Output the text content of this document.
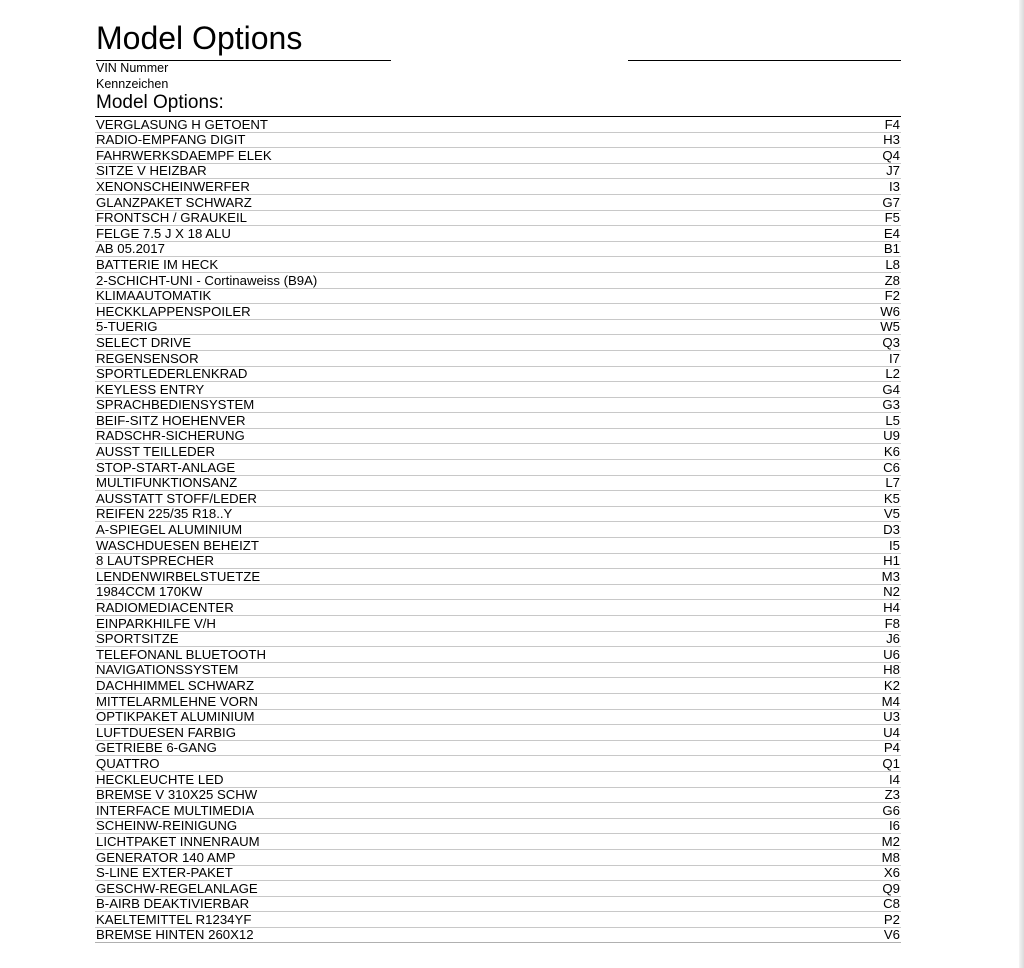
Model Options
VIN Nummer
Kennzeichen
Model Options:
VERGLASUNG H GETOENT	F4
RADIO-EMPFANG DIGIT	H3
FAHRWERKSDAEMPF ELEK	Q4
SITZE V HEIZBAR	J7
XENONSCHEINWERFER	I3
GLANZPAKET SCHWARZ	G7
FRONTSCH / GRAUKEIL	F5
FELGE 7.5 J X 18 ALU	E4
AB 05.2017	B1
BATTERIE IM HECK	L8
2-SCHICHT-UNI - Cortinaweiss (B9A)	Z8
KLIMAAUTOMATIK	F2
HECKKLAPPENSPOILER	W6
5-TUERIG	W5
SELECT DRIVE	Q3
REGENSENSOR	I7
SPORTLEDERLENKRAD	L2
KEYLESS ENTRY	G4
SPRACHBEDIENSYSTEM	G3
BEIF-SITZ HOEHENVER	L5
RADSCHR-SICHERUNG	U9
AUSST TEILLEDER	K6
STOP-START-ANLAGE	C6
MULTIFUNKTIONSANZ	L7
AUSSTATT STOFF/LEDER	K5
REIFEN 225/35 R18..Y	V5
A-SPIEGEL ALUMINIUM	D3
WASCHDUESEN BEHEIZT	I5
8 LAUTSPRECHER	H1
LENDENWIRBELSTUETZE	M3
1984CCM 170KW	N2
RADIOMEDIACENTER	H4
EINPARKHILFE V/H	F8
SPORTSITZE	J6
TELEFONANL BLUETOOTH	U6
NAVIGATIONSSYSTEM	H8
DACHHIMMEL SCHWARZ	K2
MITTELARMLEHNE VORN	M4
OPTIKPAKET ALUMINIUM	U3
LUFTDUESEN FARBIG	U4
GETRIEBE 6-GANG	P4
QUATTRO	Q1
HECKLEUCHTE LED	I4
BREMSE V 310X25 SCHW	Z3
INTERFACE MULTIMEDIA	G6
SCHEINW-REINIGUNG	I6
LICHTPAKET INNENRAUM	M2
GENERATOR 140 AMP	M8
S-LINE EXTER-PAKET	X6
GESCHW-REGELANLAGE	Q9
B-AIRB DEAKTIVIERBAR	C8
KAELTEMITTEL R1234YF	P2
BREMSE HINTEN 260X12	V6
